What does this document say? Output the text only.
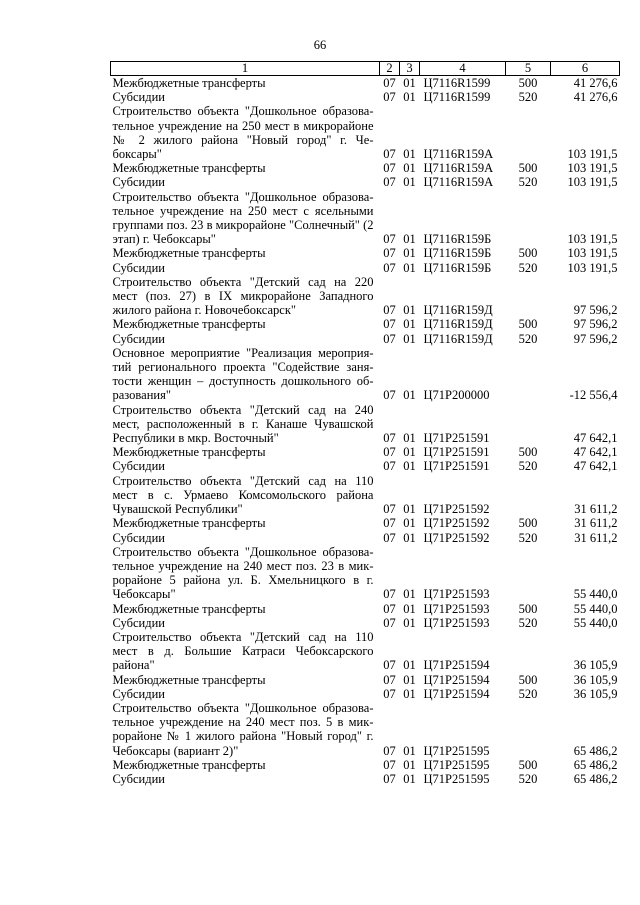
66
1	2	3	4	5	6
Межбюджетные трансферты	07	01	Ц7116R1599	500	41 276,6
Субсидии	07	01	Ц7116R1599	520	41 276,6
Строительство объекта "Дошкольное образовательное учреждение на 250 мест в микрорайоне № 2 жилого района "Новый город" г. Чебоксары"	07	01	Ц7116R159А		103 191,5
Межбюджетные трансферты	07	01	Ц7116R159А	500	103 191,5
Субсидии	07	01	Ц7116R159А	520	103 191,5
Строительство объекта "Дошкольное образовательное учреждение на 250 мест с ясельными группами поз. 23 в микрорайоне "Солнечный" (2 этап) г. Чебоксары"	07	01	Ц7116R159Б		103 191,5
Межбюджетные трансферты	07	01	Ц7116R159Б	500	103 191,5
Субсидии	07	01	Ц7116R159Б	520	103 191,5
Строительство объекта "Детский сад на 220 мест (поз. 27) в IX микрорайоне Западного жилого района г. Новочебоксарск"	07	01	Ц7116R159Д		97 596,2
Межбюджетные трансферты	07	01	Ц7116R159Д	500	97 596,2
Субсидии	07	01	Ц7116R159Д	520	97 596,2
Основное мероприятие "Реализация мероприятий регионального проекта "Содействие занятости женщин – доступность дошкольного образования"	07	01	Ц71Р200000		-12 556,4
Строительство объекта "Детский сад на 240 мест, расположенный в г. Канаше Чувашской Республики в мкр. Восточный"	07	01	Ц71Р251591		47 642,1
Межбюджетные трансферты	07	01	Ц71Р251591	500	47 642,1
Субсидии	07	01	Ц71Р251591	520	47 642,1
Строительство объекта "Детский сад на 110 мест в с. Урмаево Комсомольского района Чувашской Республики"	07	01	Ц71Р251592		31 611,2
Межбюджетные трансферты	07	01	Ц71Р251592	500	31 611,2
Субсидии	07	01	Ц71Р251592	520	31 611,2
Строительство объекта "Дошкольное образовательное учреждение на 240 мест поз. 23 в микрорайоне 5 района ул. Б. Хмельницкого в г. Чебоксары"	07	01	Ц71Р251593		55 440,0
Межбюджетные трансферты	07	01	Ц71Р251593	500	55 440,0
Субсидии	07	01	Ц71Р251593	520	55 440,0
Строительство объекта "Детский сад на 110 мест в д. Большие Катраси Чебоксарского района"	07	01	Ц71Р251594		36 105,9
Межбюджетные трансферты	07	01	Ц71Р251594	500	36 105,9
Субсидии	07	01	Ц71Р251594	520	36 105,9
Строительство объекта "Дошкольное образовательное учреждение на 240 мест поз. 5 в микрорайоне № 1 жилого района "Новый город" г. Чебоксары (вариант 2)"	07	01	Ц71Р251595		65 486,2
Межбюджетные трансферты	07	01	Ц71Р251595	500	65 486,2
Субсидии	07	01	Ц71Р251595	520	65 486,2
